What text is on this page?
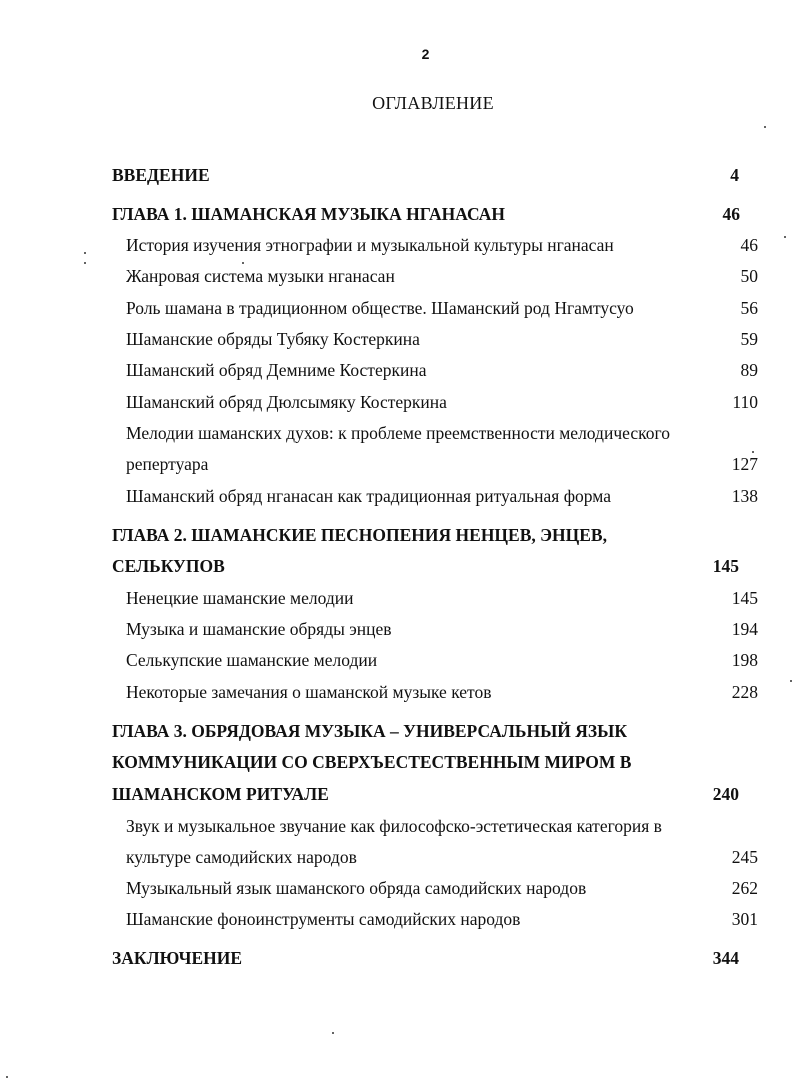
2
ОГЛАВЛЕНИЕ
ВВЕДЕНИЕ	4
ГЛАВА 1. ШАМАНСКАЯ МУЗЫКА НГАНАСАН	46
История изучения этнографии и музыкальной культуры нганасан	46
Жанровая система музыки нганасан	50
Роль шамана в традиционном обществе. Шаманский род Нгамтусуо	56
Шаманские обряды Тубяку Костеркина	59
Шаманский обряд Демниме Костеркина	89
Шаманский обряд Дюлсымяку Костеркина	110
Мелодии шаманских духов: к проблеме преемственности мелодического
репертуара	127
Шаманский обряд нганасан как традиционная ритуальная форма	138
ГЛАВА 2. ШАМАНСКИЕ ПЕСНОПЕНИЯ НЕНЦЕВ, ЭНЦЕВ,
СЕЛЬКУПОВ	145
Ненецкие шаманские мелодии	145
Музыка и шаманские обряды энцев	194
Селькупские шаманские мелодии	198
Некоторые замечания о шаманской музыке кетов	228
ГЛАВА 3. ОБРЯДОВАЯ МУЗЫКА – УНИВЕРСАЛЬНЫЙ ЯЗЫК
КОММУНИКАЦИИ СО СВЕРХЪЕСТЕСТВЕННЫМ МИРОМ В
ШАМАНСКОМ РИТУАЛЕ	240
Звук и музыкальное звучание как философско-эстетическая категория в
культуре самодийских народов	245
Музыкальный язык шаманского обряда самодийских народов	262
Шаманские фоноинструменты самодийских народов	301
ЗАКЛЮЧЕНИЕ	344
